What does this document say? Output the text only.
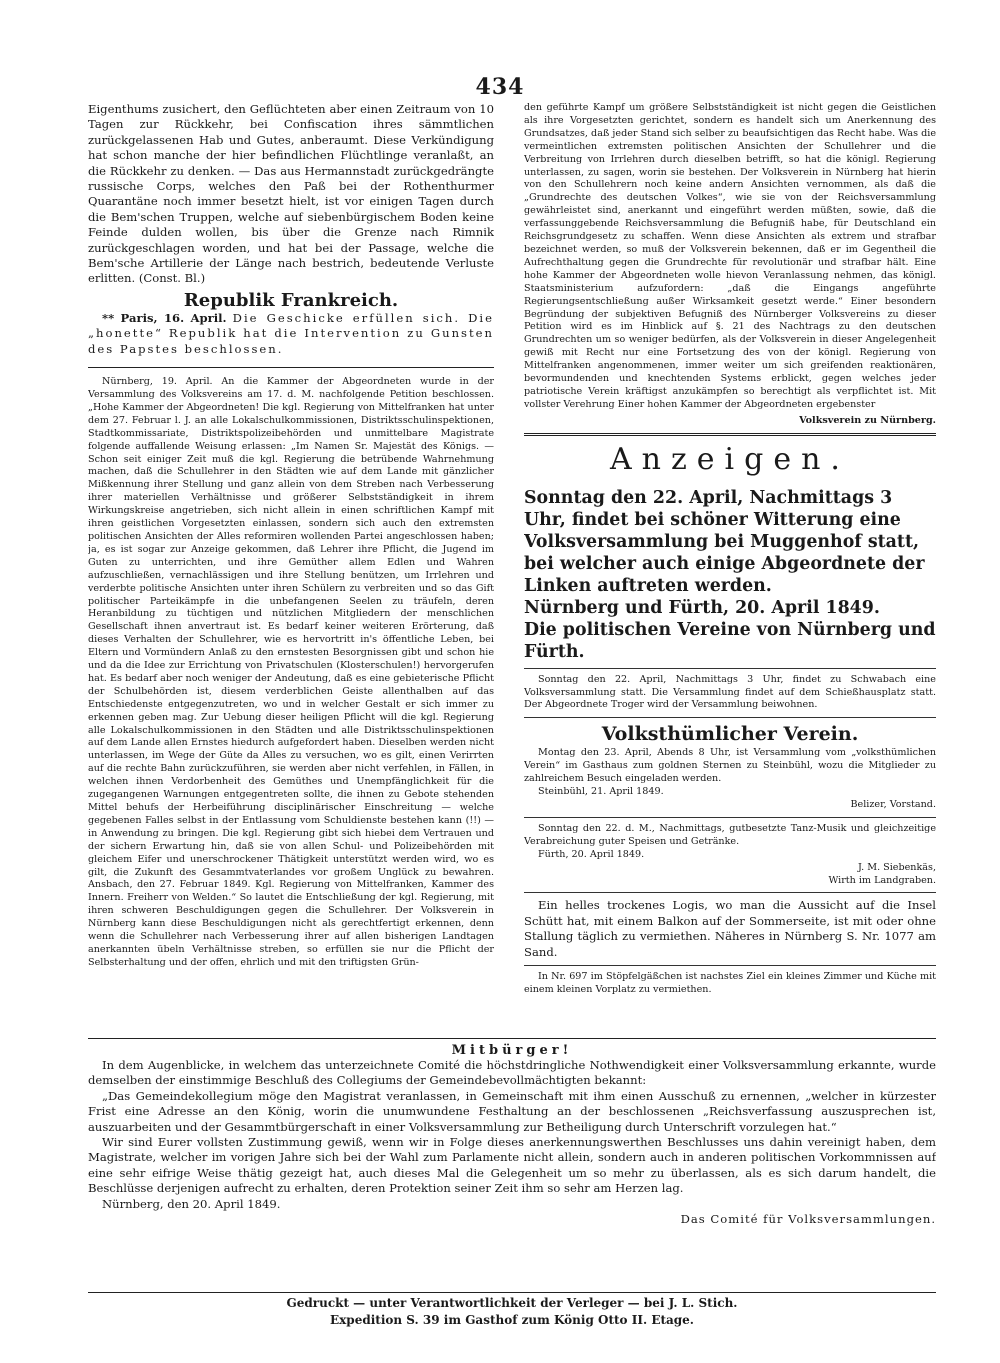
434

Eigenthums zusichert, den Geflüchteten aber einen Zeitraum von 10 Tagen zur Rückkehr, bei Confiscation ihres sämmtlichen zurückgelassenen Hab und Gutes, anberaumt. Diese Verkündigung hat schon manche der hier befindlichen Flüchtlinge veranlaßt, an die Rückkehr zu denken. — Das aus Hermannstadt zurückgedrängte russische Corps, welches den Paß bei der Rothenthurmer Quarantäne noch immer besetzt hielt, ist vor einigen Tagen durch die Bem'schen Truppen, welche auf siebenbürgischem Boden keine Feinde dulden wollen, bis über die Grenze nach Rimnik zurückgeschlagen worden, und hat bei der Passage, welche die Bem'sche Artillerie der Länge nach bestrich, bedeutende Verluste erlitten. (Const. Bl.)

Republik Frankreich.

** Paris, 16. April. Die Geschicke erfüllen sich. Die „honette“ Republik hat die Intervention zu Gunsten des Papstes beschlossen.

Nürnberg, 19. April. An die Kammer der Abgeordneten wurde in der Versammlung des Volksvereins am 17. d. M. nachfolgende Petition beschlossen. „Hohe Kammer der Abgeordneten! Die kgl. Regierung von Mittelfranken hat unter dem 27. Februar l. J. an alle Lokalschulkommissionen, Distriktsschulinspektionen, Stadtkommissariate, Distriktspolizeibehörden und unmittelbare Magistrate folgende auffallende Weisung erlassen: „Im Namen Sr. Majestät des Königs. — Schon seit einiger Zeit muß die kgl. Regierung die betrübende Wahrnehmung machen, daß die Schullehrer in den Städten wie auf dem Lande mit gänzlicher Mißkennung ihrer Stellung und ganz allein von dem Streben nach Verbesserung ihrer materiellen Verhältnisse und größerer Selbstständigkeit in ihrem Wirkungskreise angetrieben, sich nicht allein in einen schriftlichen Kampf mit ihren geistlichen Vorgesetzten einlassen, sondern sich auch den extremsten politischen Ansichten der Alles reformiren wollenden Partei angeschlossen haben; ja, es ist sogar zur Anzeige gekommen, daß Lehrer ihre Pflicht, die Jugend im Guten zu unterrichten, und ihre Gemüther allem Edlen und Wahren aufzuschließen, vernachlässigen und ihre Stellung benützen, um Irrlehren und verderbte politische Ansichten unter ihren Schülern zu verbreiten und so das Gift politischer Parteikämpfe in die unbefangenen Seelen zu träufeln, deren Heranbildung zu tüchtigen und nützlichen Mitgliedern der menschlichen Gesellschaft ihnen anvertraut ist. Es bedarf keiner weiteren Erörterung, daß dieses Verhalten der Schullehrer, wie es hervortritt in's öffentliche Leben, bei Eltern und Vormündern Anlaß zu den ernstesten Besorgnissen gibt und schon hie und da die Idee zur Errichtung von Privatschulen (Klosterschulen!) hervorgerufen hat. Es bedarf aber noch weniger der Andeutung, daß es eine gebieterische Pflicht der Schulbehörden ist, diesem verderblichen Geiste allenthalben auf das Entschiedenste entgegenzutreten, wo und in welcher Gestalt er sich immer zu erkennen geben mag. Zur Uebung dieser heiligen Pflicht will die kgl. Regierung alle Lokalschulkommissionen in den Städten und alle Distriktsschulinspektionen auf dem Lande allen Ernstes hiedurch aufgefordert haben. Dieselben werden nicht unterlassen, im Wege der Güte da Alles zu versuchen, wo es gilt, einen Verirrten auf die rechte Bahn zurückzuführen, sie werden aber nicht verfehlen, in Fällen, in welchen ihnen Verdorbenheit des Gemüthes und Unempfänglichkeit für die zugegangenen Warnungen entgegentreten sollte, die ihnen zu Gebote stehenden Mittel behufs der Herbeiführung disciplinärischer Einschreitung — welche gegebenen Falles selbst in der Entlassung vom Schuldienste bestehen kann (!!) — in Anwendung zu bringen. Die kgl. Regierung gibt sich hiebei dem Vertrauen und der sichern Erwartung hin, daß sie von allen Schul- und Polizeibehörden mit gleichem Eifer und unerschrockener Thätigkeit unterstützt werden wird, wo es gilt, die Zukunft des Gesammtvaterlandes vor großem Unglück zu bewahren. Ansbach, den 27. Februar 1849. Kgl. Regierung von Mittelfranken, Kammer des Innern. Freiherr von Welden.“ So lautet die Entschließung der kgl. Regierung, mit ihren schweren Beschuldigungen gegen die Schullehrer. Der Volksverein in Nürnberg kann diese Beschuldigungen nicht als gerechtfertigt erkennen, denn wenn die Schullehrer nach Verbesserung ihrer auf allen bisherigen Landtagen anerkannten übeln Verhältnisse streben, so erfüllen sie nur die Pflicht der Selbsterhaltung und der offen, ehrlich und mit den triftigsten Grün-

den geführte Kampf um größere Selbstständigkeit ist nicht gegen die Geistlichen als ihre Vorgesetzten gerichtet, sondern es handelt sich um Anerkennung des Grundsatzes, daß jeder Stand sich selber zu beaufsichtigen das Recht habe. Was die vermeintlichen extremsten politischen Ansichten der Schullehrer und die Verbreitung von Irrlehren durch dieselben betrifft, so hat die königl. Regierung unterlassen, zu sagen, worin sie bestehen. Der Volksverein in Nürnberg hat hierin von den Schullehrern noch keine andern Ansichten vernommen, als daß die „Grundrechte des deutschen Volkes“, wie sie von der Reichsversammlung gewährleistet sind, anerkannt und eingeführt werden müßten, sowie, daß die verfassunggebende Reichsversammlung die Befugniß habe, für Deutschland ein Reichsgrundgesetz zu schaffen. Wenn diese Ansichten als extrem und strafbar bezeichnet werden, so muß der Volksverein bekennen, daß er im Gegentheil die Aufrechthaltung gegen die Grundrechte für revolutionär und strafbar hält. Eine hohe Kammer der Abgeordneten wolle hievon Veranlassung nehmen, das königl. Staatsministerium aufzufordern: „daß die Eingangs angeführte Regierungsentschließung außer Wirksamkeit gesetzt werde.“ Einer besondern Begründung der subjektiven Befugniß des Nürnberger Volksvereins zu dieser Petition wird es im Hinblick auf §. 21 des Nachtrags zu den deutschen Grundrechten um so weniger bedürfen, als der Volksverein in dieser Angelegenheit gewiß mit Recht nur eine Fortsetzung des von der königl. Regierung von Mittelfranken angenommenen, immer weiter um sich greifenden reaktionären, bevormundenden und knechtenden Systems erblickt, gegen welches jeder patriotische Verein kräftigst anzukämpfen so berechtigt als verpflichtet ist. Mit vollster Verehrung Einer hohen Kammer der Abgeordneten ergebenster

Volksverein zu Nürnberg.

Anzeigen.

Sonntag den 22. April, Nachmittags 3 Uhr, findet bei schöner Witterung eine Volksversammlung bei Muggenhof statt, bei welcher auch einige Abgeordnete der Linken auftreten werden.

Nürnberg und Fürth, 20. April 1849.

Die politischen Vereine von Nürnberg und Fürth.

Sonntag den 22. April, Nachmittags 3 Uhr, findet zu Schwabach eine Volksversammlung statt. Die Versammlung findet auf dem Schießhausplatz statt. Der Abgeordnete Troger wird der Versammlung beiwohnen.

Volksthümlicher Verein.

Montag den 23. April, Abends 8 Uhr, ist Versammlung vom „volksthümlichen Verein“ im Gasthaus zum goldnen Sternen zu Steinbühl, wozu die Mitglieder zu zahlreichem Besuch eingeladen werden.

Steinbühl, 21. April 1849.

Belizer, Vorstand.

Sonntag den 22. d. M., Nachmittags, gutbesetzte Tanz-Musik und gleichzeitige Verabreichung guter Speisen und Getränke.

Fürth, 20. April 1849.

J. M. Siebenkäs,

Wirth im Landgraben.

Ein helles trockenes Logis, wo man die Aussicht auf die Insel Schütt hat, mit einem Balkon auf der Sommerseite, ist mit oder ohne Stallung täglich zu vermiethen. Näheres in Nürnberg S. Nr. 1077 am Sand.

In Nr. 697 im Stöpfelgäßchen ist nachstes Ziel ein kleines Zimmer und Küche mit einem kleinen Vorplatz zu vermiethen.

Mitbürger!

In dem Augenblicke, in welchem das unterzeichnete Comité die höchstdringliche Nothwendigkeit einer Volksversammlung erkannte, wurde demselben der einstimmige Beschluß des Collegiums der Gemeindebevollmächtigten bekannt:

„Das Gemeindekollegium möge den Magistrat veranlassen, in Gemeinschaft mit ihm einen Ausschuß zu ernennen, „welcher in kürzester Frist eine Adresse an den König, worin die unumwundene Festhaltung an der beschlossenen „Reichsverfassung auszusprechen ist, auszuarbeiten und der Gesammtbürgerschaft in einer Volksversammlung zur Betheiligung durch Unterschrift vorzulegen hat.“

Wir sind Eurer vollsten Zustimmung gewiß, wenn wir in Folge dieses anerkennungswerthen Beschlusses uns dahin vereinigt haben, dem Magistrate, welcher im vorigen Jahre sich bei der Wahl zum Parlamente nicht allein, sondern auch in anderen politischen Vorkommnissen auf eine sehr eifrige Weise thätig gezeigt hat, auch dieses Mal die Gelegenheit um so mehr zu überlassen, als es sich darum handelt, die Beschlüsse derjenigen aufrecht zu erhalten, deren Protektion seiner Zeit ihm so sehr am Herzen lag.

Nürnberg, den 20. April 1849.

Das Comité für Volksversammlungen.

Gedruckt — unter Verantwortlichkeit der Verleger — bei J. L. Stich.
Expedition S. 39 im Gasthof zum König Otto II. Etage.
